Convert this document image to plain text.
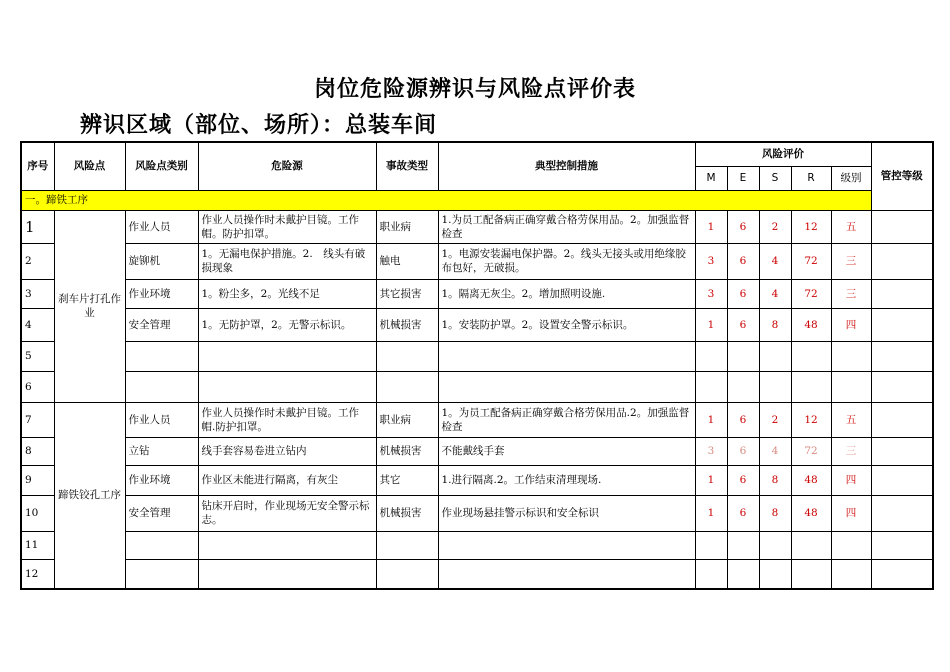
岗位危险源辨识与风险点评价表
辨识区域（部位、场所）：总装车间
序号	风险点	风险点类别	危险源	事故类型	典型控制措施	风险评价					管控等级
						M	E	S	R	级别	
一。蹄铁工序											
1	刹车片打孔作业	作业人员	作业人员操作时未戴护目镜。工作帽。防护扣罩。	职业病	1.为员工配备病正确穿戴合格劳保用品。2。加强监督检查	1	6	2	12	五	
2		旋铆机	1。无漏电保护措施。2.　线头有破损现象	触电	1。电源安装漏电保护器。2。线头无接头或用绝缘胶布包好，无破损。	3	6	4	72	三	
3		作业环境	1。粉尘多，2。光线不足	其它损害	1。隔离无灰尘。2。增加照明设施.	3	6	4	72	三	
4		安全管理	1。无防护罩，2。无警示标识。	机械损害	1。安装防护罩。2。设置安全警示标识。	1	6	8	48	四	
5											
6											
7	蹄铁铰孔工序	作业人员	作业人员操作时未戴护目镜。工作帽.防护扣罩。	职业病	1。为员工配备病正确穿戴合格劳保用品.2。加强监督检查	1	6	2	12	五	
8		立钻	线手套容易卷进立钻内	机械损害	不能戴线手套	3	6	4	72	三	
9		作业环境	作业区未能进行隔离，有灰尘	其它	1.进行隔离.2。工作结束清理现场.	1	6	8	48	四	
10		安全管理	钻床开启时，作业现场无安全警示标志。	机械损害	作业现场悬挂警示标识和安全标识	1	6	8	48	四	
11											
12											
